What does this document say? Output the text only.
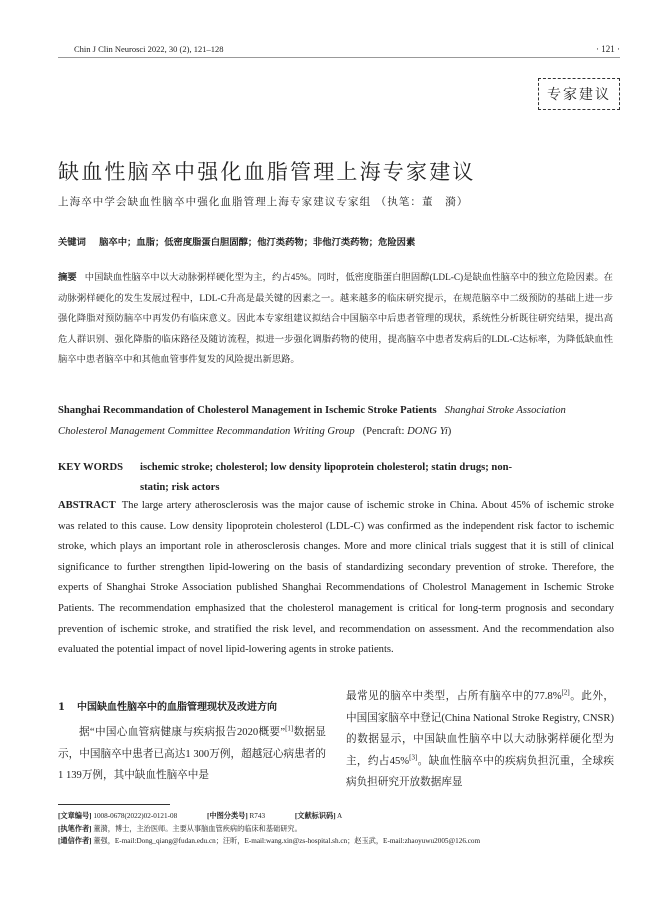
Chin J Clin Neurosci 2022, 30 (2), 121–128	· 121 ·
专家建议
缺血性脑卒中强化血脂管理上海专家建议
上海卒中学会缺血性脑卒中强化血脂管理上海专家建议专家组 （执笔：董　漪）
关键词 脑卒中；血脂；低密度脂蛋白胆固醇；他汀类药物；非他汀类药物；危险因素
摘要 中国缺血性脑卒中以大动脉粥样硬化型为主，约占45%。同时，低密度脂蛋白胆固醇(LDL-C)是缺血性脑卒中的独立危险因素。在动脉粥样硬化的发生发展过程中，LDL-C升高是最关键的因素之一。越来越多的临床研究提示，在规范脑卒中二级预防的基础上进一步强化降脂对预防脑卒中再发仍有临床意义。因此本专家组建议拟结合中国脑卒中后患者管理的现状，系统性分析既往研究结果，提出高危人群识别、强化降脂的临床路径及随访流程，拟进一步强化调脂药物的使用，提高脑卒中患者发病后的LDL-C达标率，为降低缺血性脑卒中患者脑卒中和其他血管事件复发的风险提出新思路。
Shanghai Recommandation of Cholesterol Management in Ischemic Stroke Patients Shanghai Stroke Association Cholesterol Management Committee Recommandation Writing Group (Pencraft: DONG Yi)
KEY WORDS ischemic stroke; cholesterol; low density lipoprotein cholesterol; statin drugs; non-
statin; risk actors
ABSTRACT The large artery atherosclerosis was the major cause of ischemic stroke in China. About 45% of ischemic stroke was related to this cause. Low density lipoprotein cholesterol (LDL-C) was confirmed as the independent risk factor to ischemic stroke, which plays an important role in atherosclerosis changes. More and more clinical trials suggest that it is still of clinical significance to further strengthen lipid-lowering on the basis of standardizing secondary prevention of stroke. Therefore, the experts of Shanghai Stroke Association published Shanghai Recommendations of Cholestrol Management in Ischemic Stroke Patients. The recommendation emphasized that the cholesterol management is critical for long-term prognosis and secondary prevention of ischemic stroke, and stratified the risk level, and recommendation on assessment. And the recommendation also evaluated the potential impact of novel lipid-lowering agents in stroke patients.
1 中国缺血性脑卒中的血脂管理现状及改进方向
据“中国心血管病健康与疾病报告2020概要”[1]数据显示，中国脑卒中患者已高达1 300万例，超越冠心病患者的1 139万例，其中缺血性脑卒中是
最常见的脑卒中类型，占所有脑卒中的77.8%[2]。此外，中国国家脑卒中登记(China National Stroke Registry, CNSR)的数据显示，中国缺血性脑卒中以大动脉粥样硬化型为主，约占45%[3]。缺血性脑卒中的疾病负担沉重，全球疾病负担研究开放数据库显
[文章编号] 1008-0678(2022)02-0121-08	[中图分类号] R743	[文献标识码] A
[执笔作者] 董漪，博士，主治医师。主要从事脑血管疾病的临床和基础研究。
[通信作者] 董强，E-mail:Dong_qiang@fudan.edu.cn；汪昕，E-mail:wang.xin@zs-hospital.sh.cn；赵玉武，E-mail:zhaoyuwu2005@126.com
